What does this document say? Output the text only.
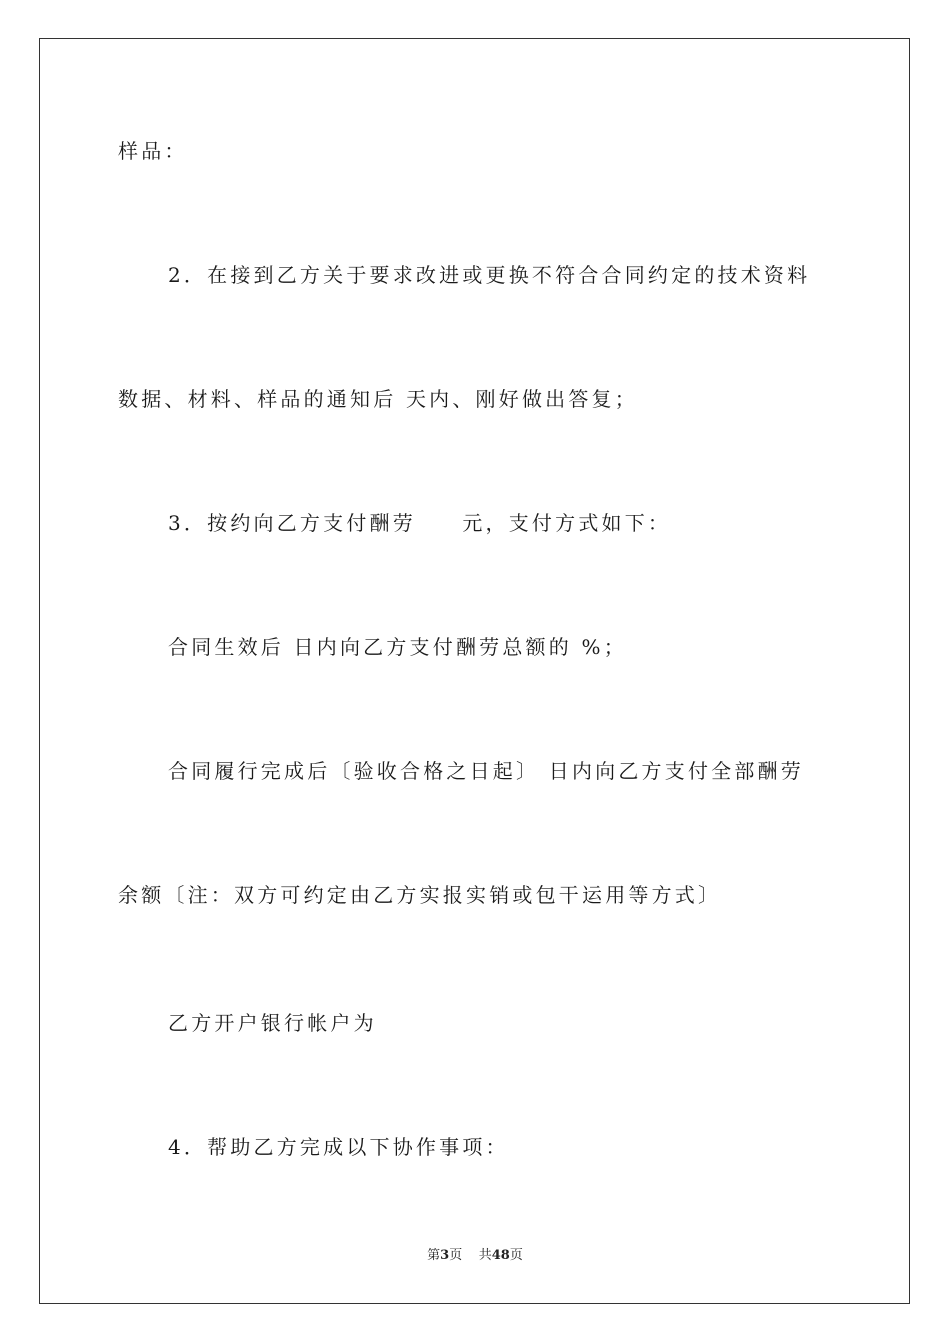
样品：
2．在接到乙方关于要求改进或更换不符合合同约定的技术资料
数据、材料、样品的通知后 天内、刚好做出答复；
3．按约向乙方支付酬劳　　元，支付方式如下：
合同生效后 日内向乙方支付酬劳总额的 %；
合同履行完成后〔验收合格之日起〕 日内向乙方支付全部酬劳
余额〔注：双方可约定由乙方实报实销或包干运用等方式〕
乙方开户银行帐户为
4．帮助乙方完成以下协作事项：
第3页 共48页
